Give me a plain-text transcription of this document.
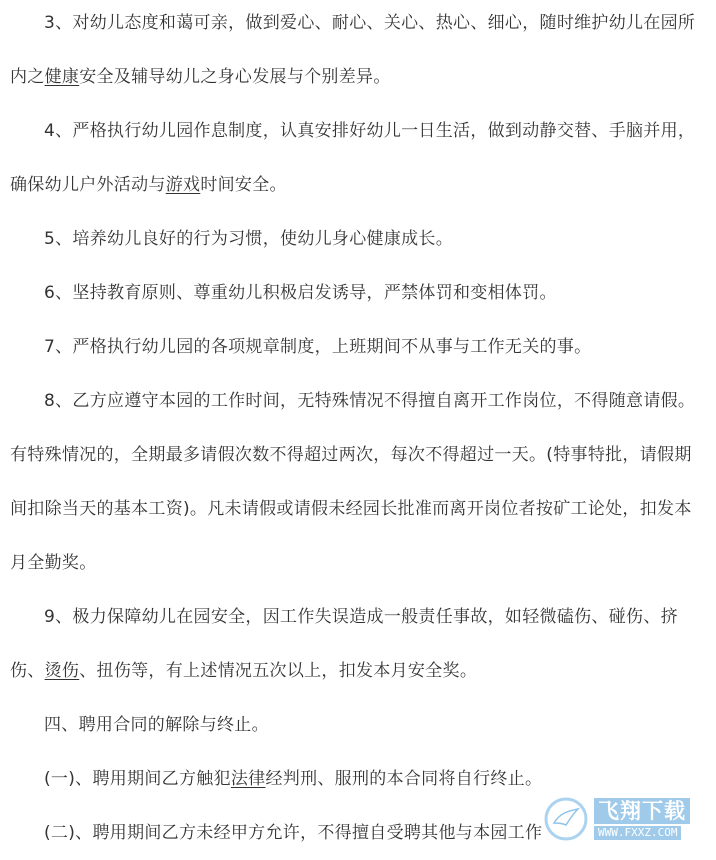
3、对幼儿态度和蔼可亲，做到爱心、耐心、关心、热心、细心，随时维护幼儿在园所内之健康安全及辅导幼儿之身心发展与个别差异。

4、严格执行幼儿园作息制度，认真安排好幼儿一日生活，做到动静交替、手脑并用，确保幼儿户外活动与游戏时间安全。

5、培养幼儿良好的行为习惯，使幼儿身心健康成长。

6、坚持教育原则、尊重幼儿积极启发诱导，严禁体罚和变相体罚。

7、严格执行幼儿园的各项规章制度，上班期间不从事与工作无关的事。

8、乙方应遵守本园的工作时间，无特殊情况不得擅自离开工作岗位，不得随意请假。有特殊情况的，全期最多请假次数不得超过两次，每次不得超过一天。(特事特批，请假期间扣除当天的基本工资)。凡未请假或请假未经园长批准而离开岗位者按矿工论处，扣发本月全勤奖。

9、极力保障幼儿在园安全，因工作失误造成一般责任事故，如轻微磕伤、碰伤、挤伤、烫伤、扭伤等，有上述情况五次以上，扣发本月安全奖。

四、聘用合同的解除与终止。

(一)、聘用期间乙方触犯法律经判刑、服刑的本合同将自行终止。

(二)、聘用期间乙方未经甲方允许，不得擅自受聘其他与本园工作

飞翔下载
WWW.FXXZ.COM
